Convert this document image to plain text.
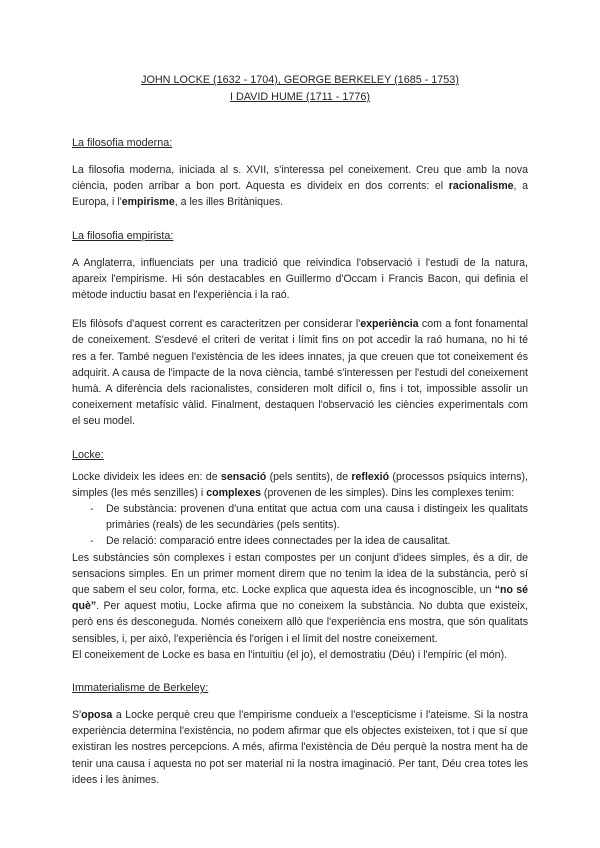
JOHN LOCKE (1632 - 1704), GEORGE BERKELEY (1685 - 1753)
I DAVID HUME (1711 - 1776)
La filosofia moderna:

La filosofia moderna, iniciada al s. XVII, s'interessa pel coneixement. Creu que amb la nova ciència, poden arribar a bon port. Aquesta es divideix en dos corrents: el racionalisme, a Europa, i l'empirisme, a les illes Britàniques.

La filosofia empirista:

A Anglaterra, influenciats per una tradició que reivindica l'observació i l'estudi de la natura, apareix l'empirisme. Hi són destacables en Guillermo d'Occam i Francis Bacon, qui definia el mètode inductiu basat en l'experiència i la raó.

Els filòsofs d'aquest corrent es caracteritzen per considerar l'experiència com a font fonamental de coneixement. S'esdevé el criteri de veritat i límit fins on pot accedir la raó humana, no hi té res a fer. També neguen l'existència de les idees innates, ja que creuen que tot coneixement és adquirit. A causa de l'impacte de la nova ciència, també s'interessen per l'estudi del coneixement humà. A diferència dels racionalistes, consideren molt difícil o, fins i tot, impossible assolir un coneixement metafísic vàlid. Finalment, destaquen l'observació les ciències experimentals com el seu model.

Locke:

Locke divideix les idees en: de sensació (pels sentits), de reflexió (processos psíquics interns), simples (les més senzilles) i complexes (provenen de les simples). Dins les complexes tenim:

- De substància: provenen d'una entitat que actua com una causa i distingeix les qualitats primàries (reals) de les secundàries (pels sentits).
- De relació: comparació entre idees connectades per la idea de causalitat.

Les substàncies són complexes i estan compostes per un conjunt d'idees simples, és a dir, de sensacions simples. En un primer moment direm que no tenim la idea de la substància, però sí que sabem el seu color, forma, etc. Locke explica que aquesta idea és incognoscible, un “no sé què”. Per aquest motiu, Locke afirma que no coneixem la substància. No dubta que existeix, però ens és desconeguda. Només coneixem allò que l'experiència ens mostra, que són qualitats sensibles, i, per això, l'experiència és l'origen i el límit del nostre coneixement.

El coneixement de Locke es basa en l'intuïtiu (el jo), el demostratiu (Déu) i l'empíric (el món).

Immaterialisme de Berkeley:

S'oposa a Locke perquè creu que l'empirisme condueix a l'escepticisme i l'ateisme. Si la nostra experiència determina l'existència, no podem afirmar que els objectes existeixen, tot i que sí que existiran les nostres percepcions. A més, afirma l'existència de Déu perquè la nostra ment ha de tenir una causa i aquesta no pot ser material ni la nostra imaginació. Per tant, Déu crea totes les idees i les ànimes.
